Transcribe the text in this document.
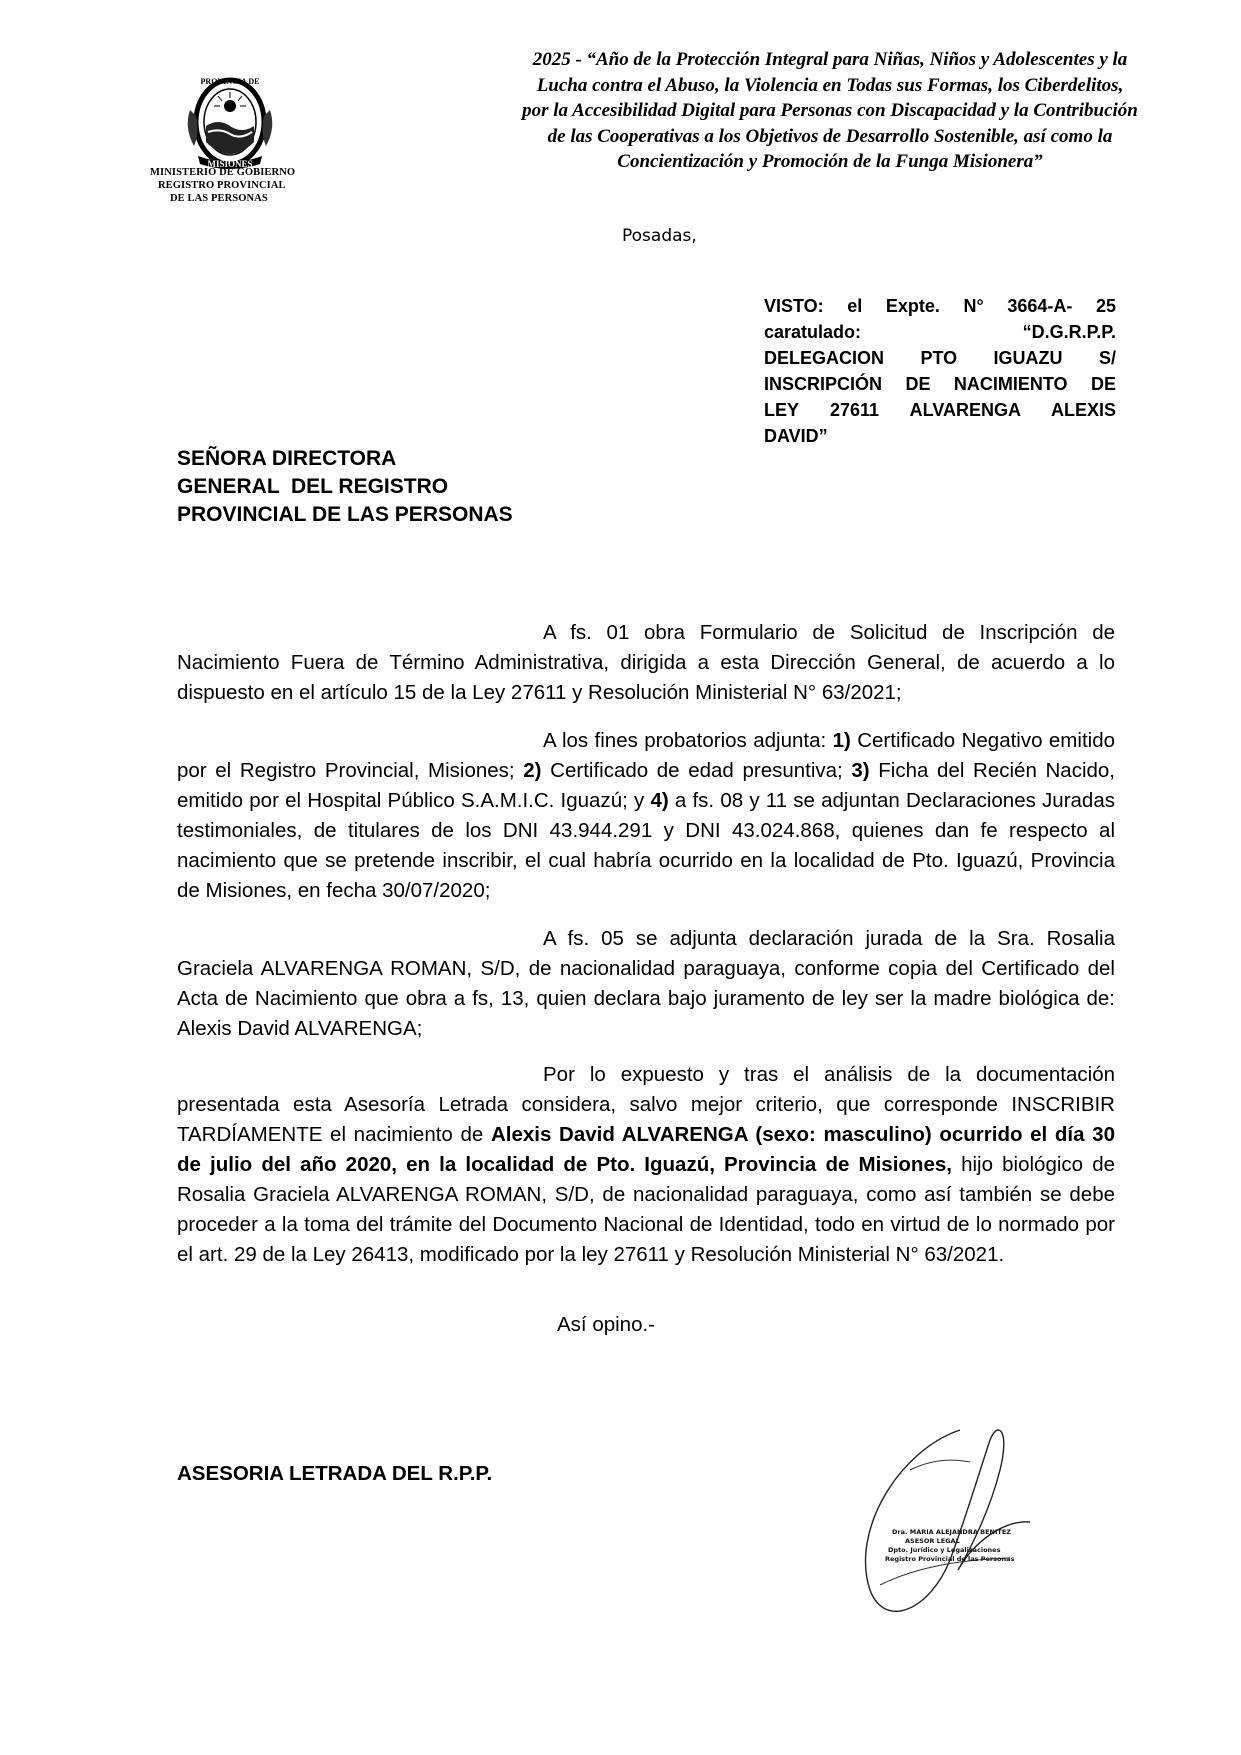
PROVINCIA DE
MISIONES
MINISTERIO DE GOBIERNO
REGISTRO PROVINCIAL
DE LAS PERSONAS
2025 - “Año de la Protección Integral para Niñas, Niños y Adolescentes y la
Lucha contra el Abuso, la Violencia en Todas sus Formas, los Ciberdelitos,
por la Accesibilidad Digital para Personas con Discapacidad y la Contribución
de las Cooperativas a los Objetivos de Desarrollo Sostenible, así como la
Concientización y Promoción de la Funga Misionera”
Posadas,
VISTO: el Expte. N° 3664-A- 25
caratulado: “D.G.R.P.P.
DELEGACION PTO IGUAZU S/
INSCRIPCIÓN DE NACIMIENTO DE
LEY 27611 ALVARENGA ALEXIS
DAVID”
SEÑORA DIRECTORA
GENERAL  DEL REGISTRO
PROVINCIAL DE LAS PERSONAS

A fs. 01 obra Formulario de Solicitud de Inscripción de Nacimiento Fuera de Término Administrativa, dirigida a esta Dirección General, de acuerdo a lo dispuesto en el artículo 15 de la Ley 27611 y Resolución Ministerial N° 63/2021;

A los fines probatorios adjunta: 1) Certificado Negativo emitido por el Registro Provincial, Misiones; 2) Certificado de edad presuntiva; 3) Ficha del Recién Nacido, emitido por el Hospital Público S.A.M.I.C. Iguazú; y 4) a fs. 08 y 11 se adjuntan Declaraciones Juradas testimoniales, de titulares de los DNI 43.944.291 y DNI 43.024.868, quienes dan fe respecto al nacimiento que se pretende inscribir, el cual habría ocurrido en la localidad de Pto. Iguazú, Provincia de Misiones, en fecha 30/07/2020;

A fs. 05 se adjunta declaración jurada de la Sra. Rosalia Graciela ALVARENGA ROMAN, S/D, de nacionalidad paraguaya, conforme copia del Certificado del Acta de Nacimiento que obra a fs, 13, quien declara bajo juramento de ley ser la madre biológica de: Alexis David ALVARENGA;

Por lo expuesto y tras el análisis de la documentación presentada esta Asesoría Letrada considera, salvo mejor criterio, que corresponde INSCRIBIR TARDÍAMENTE el nacimiento de Alexis David ALVARENGA (sexo: masculino) ocurrido el día 30 de julio del año 2020, en la localidad de Pto. Iguazú, Provincia de Misiones, hijo biológico de Rosalia Graciela ALVARENGA ROMAN, S/D, de nacionalidad paraguaya, como así también se debe proceder a la toma del trámite del Documento Nacional de Identidad, todo en virtud de lo normado por el art. 29 de la Ley 26413, modificado por la ley 27611 y Resolución Ministerial N° 63/2021.

Así opino.-
ASESORIA LETRADA DEL R.P.P.
Dra. MARIA ALEJANDRA BENITEZ
ASESOR LEGAL
Dpto. Jurídico y Legalizaciones
Registro Provincial de las Personas
